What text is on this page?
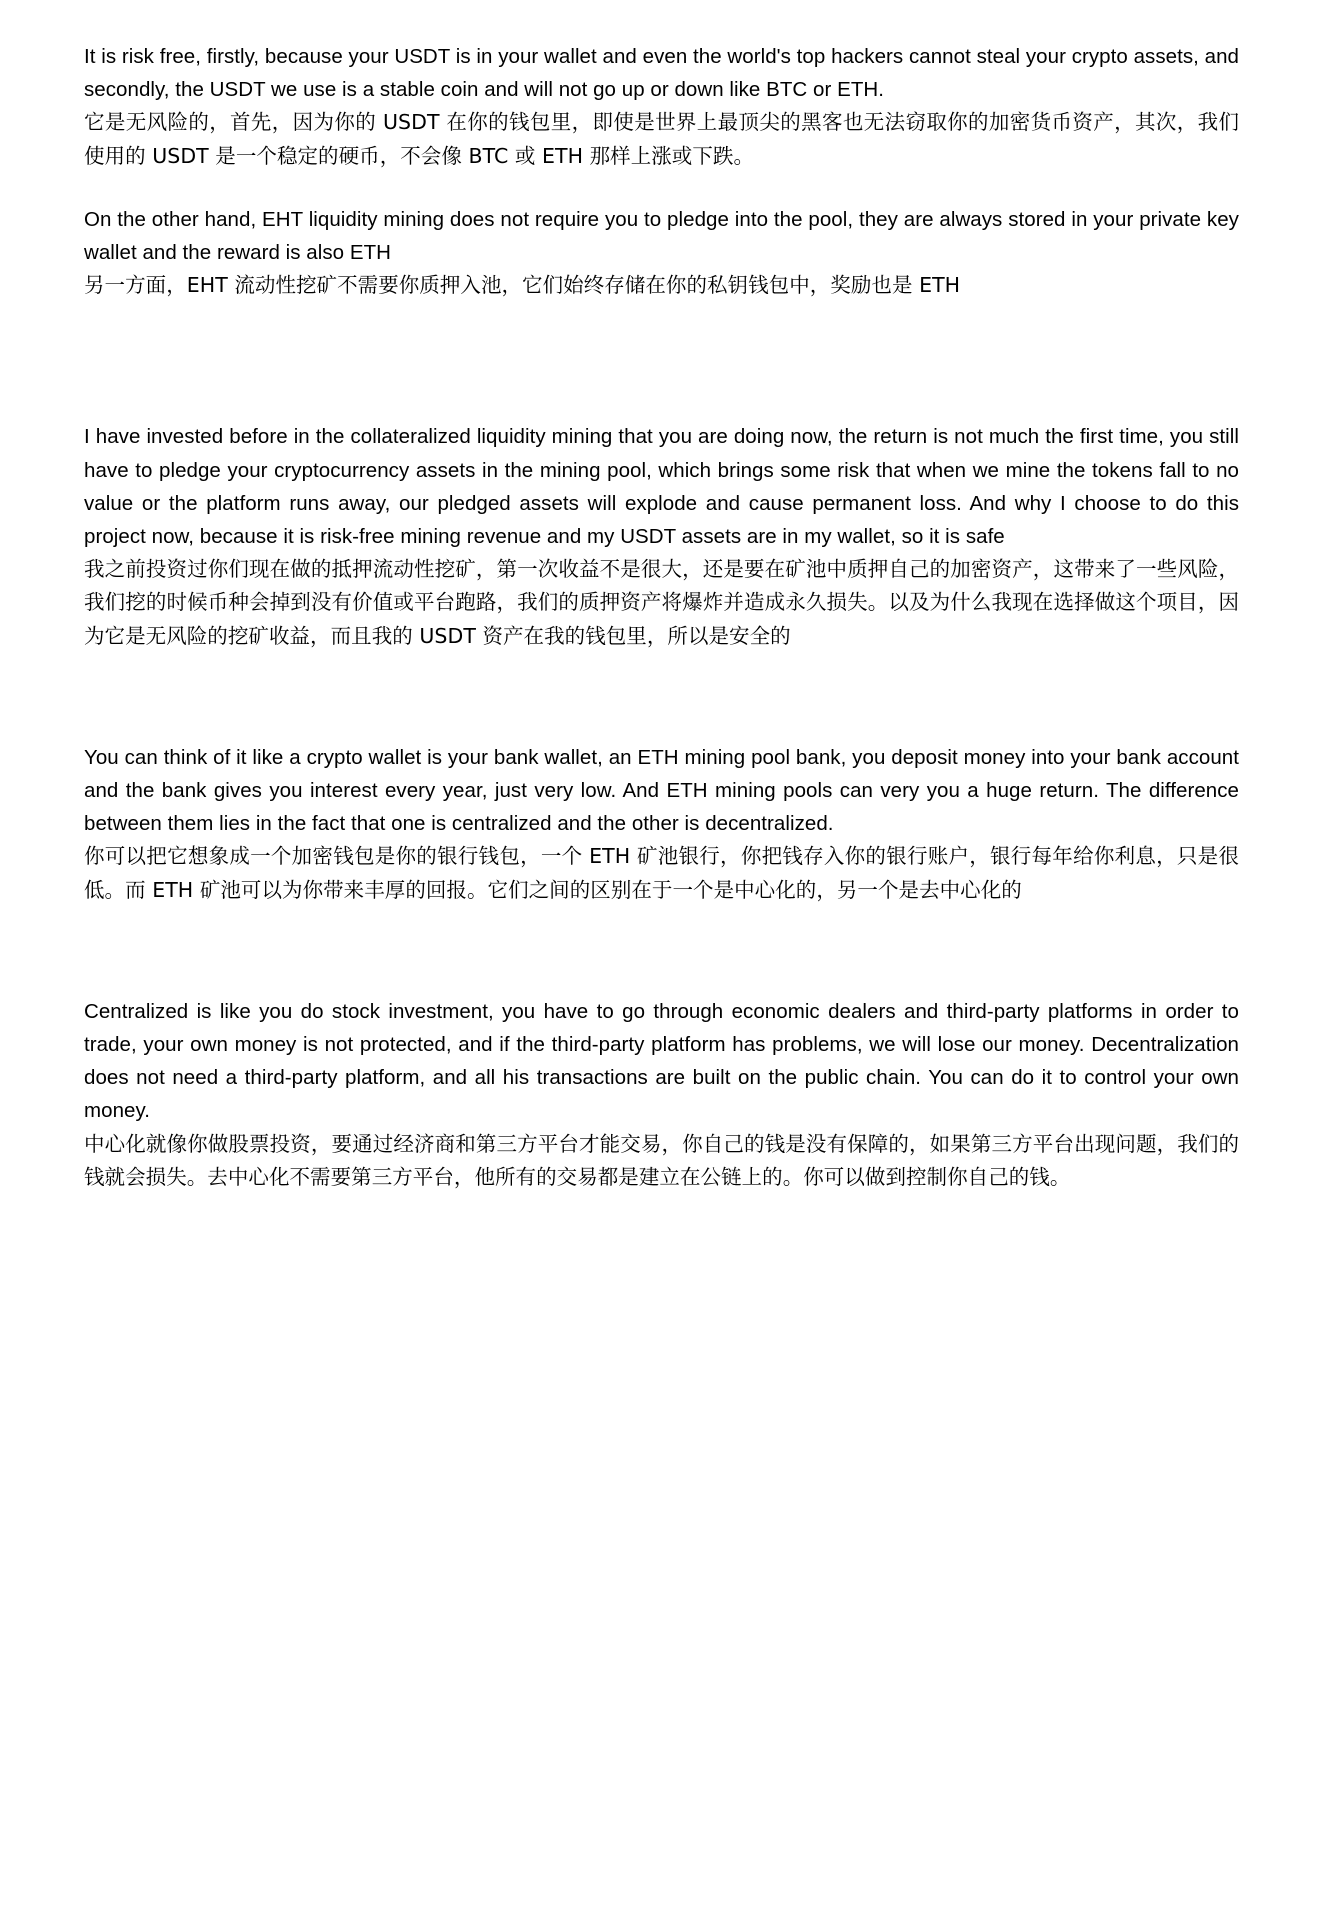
It is risk free, firstly, because your USDT is in your wallet and even the world's top hackers cannot steal your crypto assets, and secondly, the USDT we use is a stable coin and will not go up or down like BTC or ETH.

它是无风险的，首先，因为你的 USDT 在你的钱包里，即使是世界上最顶尖的黑客也无法窃取你的加密货币资产，其次，我们使用的 USDT 是一个稳定的硬币，不会像 BTC 或 ETH 那样上涨或下跌。

On the other hand, EHT liquidity mining does not require you to pledge into the pool, they are always stored in your private key wallet and the reward is also ETH

另一方面，EHT 流动性挖矿不需要你质押入池，它们始终存储在你的私钥钱包中，奖励也是 ETH

I have invested before in the collateralized liquidity mining that you are doing now, the return is not much the first time, you still have to pledge your cryptocurrency assets in the mining pool, which brings some risk that when we mine the tokens fall to no value or the platform runs away, our pledged assets will explode and cause permanent loss. And why I choose to do this project now, because it is risk-free mining revenue and my USDT assets are in my wallet, so it is safe

我之前投资过你们现在做的抵押流动性挖矿，第一次收益不是很大，还是要在矿池中质押自己的加密资产，这带来了一些风险，我们挖的时候币种会掉到没有价值或平台跑路，我们的质押资产将爆炸并造成永久损失。以及为什么我现在选择做这个项目，因为它是无风险的挖矿收益，而且我的 USDT 资产在我的钱包里，所以是安全的

You can think of it like a crypto wallet is your bank wallet, an ETH mining pool bank, you deposit money into your bank account and the bank gives you interest every year, just very low. And ETH mining pools can very you a huge return. The difference between them lies in the fact that one is centralized and the other is decentralized.

你可以把它想象成一个加密钱包是你的银行钱包，一个 ETH 矿池银行，你把钱存入你的银行账户，银行每年给你利息，只是很低。而 ETH 矿池可以为你带来丰厚的回报。它们之间的区别在于一个是中心化的，另一个是去中心化的

Centralized is like you do stock investment, you have to go through economic dealers and third-party platforms in order to trade, your own money is not protected, and if the third-party platform has problems, we will lose our money. Decentralization does not need a third-party platform, and all his transactions are built on the public chain. You can do it to control your own money.

中心化就像你做股票投资，要通过经济商和第三方平台才能交易，你自己的钱是没有保障的，如果第三方平台出现问题，我们的钱就会损失。去中心化不需要第三方平台，他所有的交易都是建立在公链上的。你可以做到控制你自己的钱。
